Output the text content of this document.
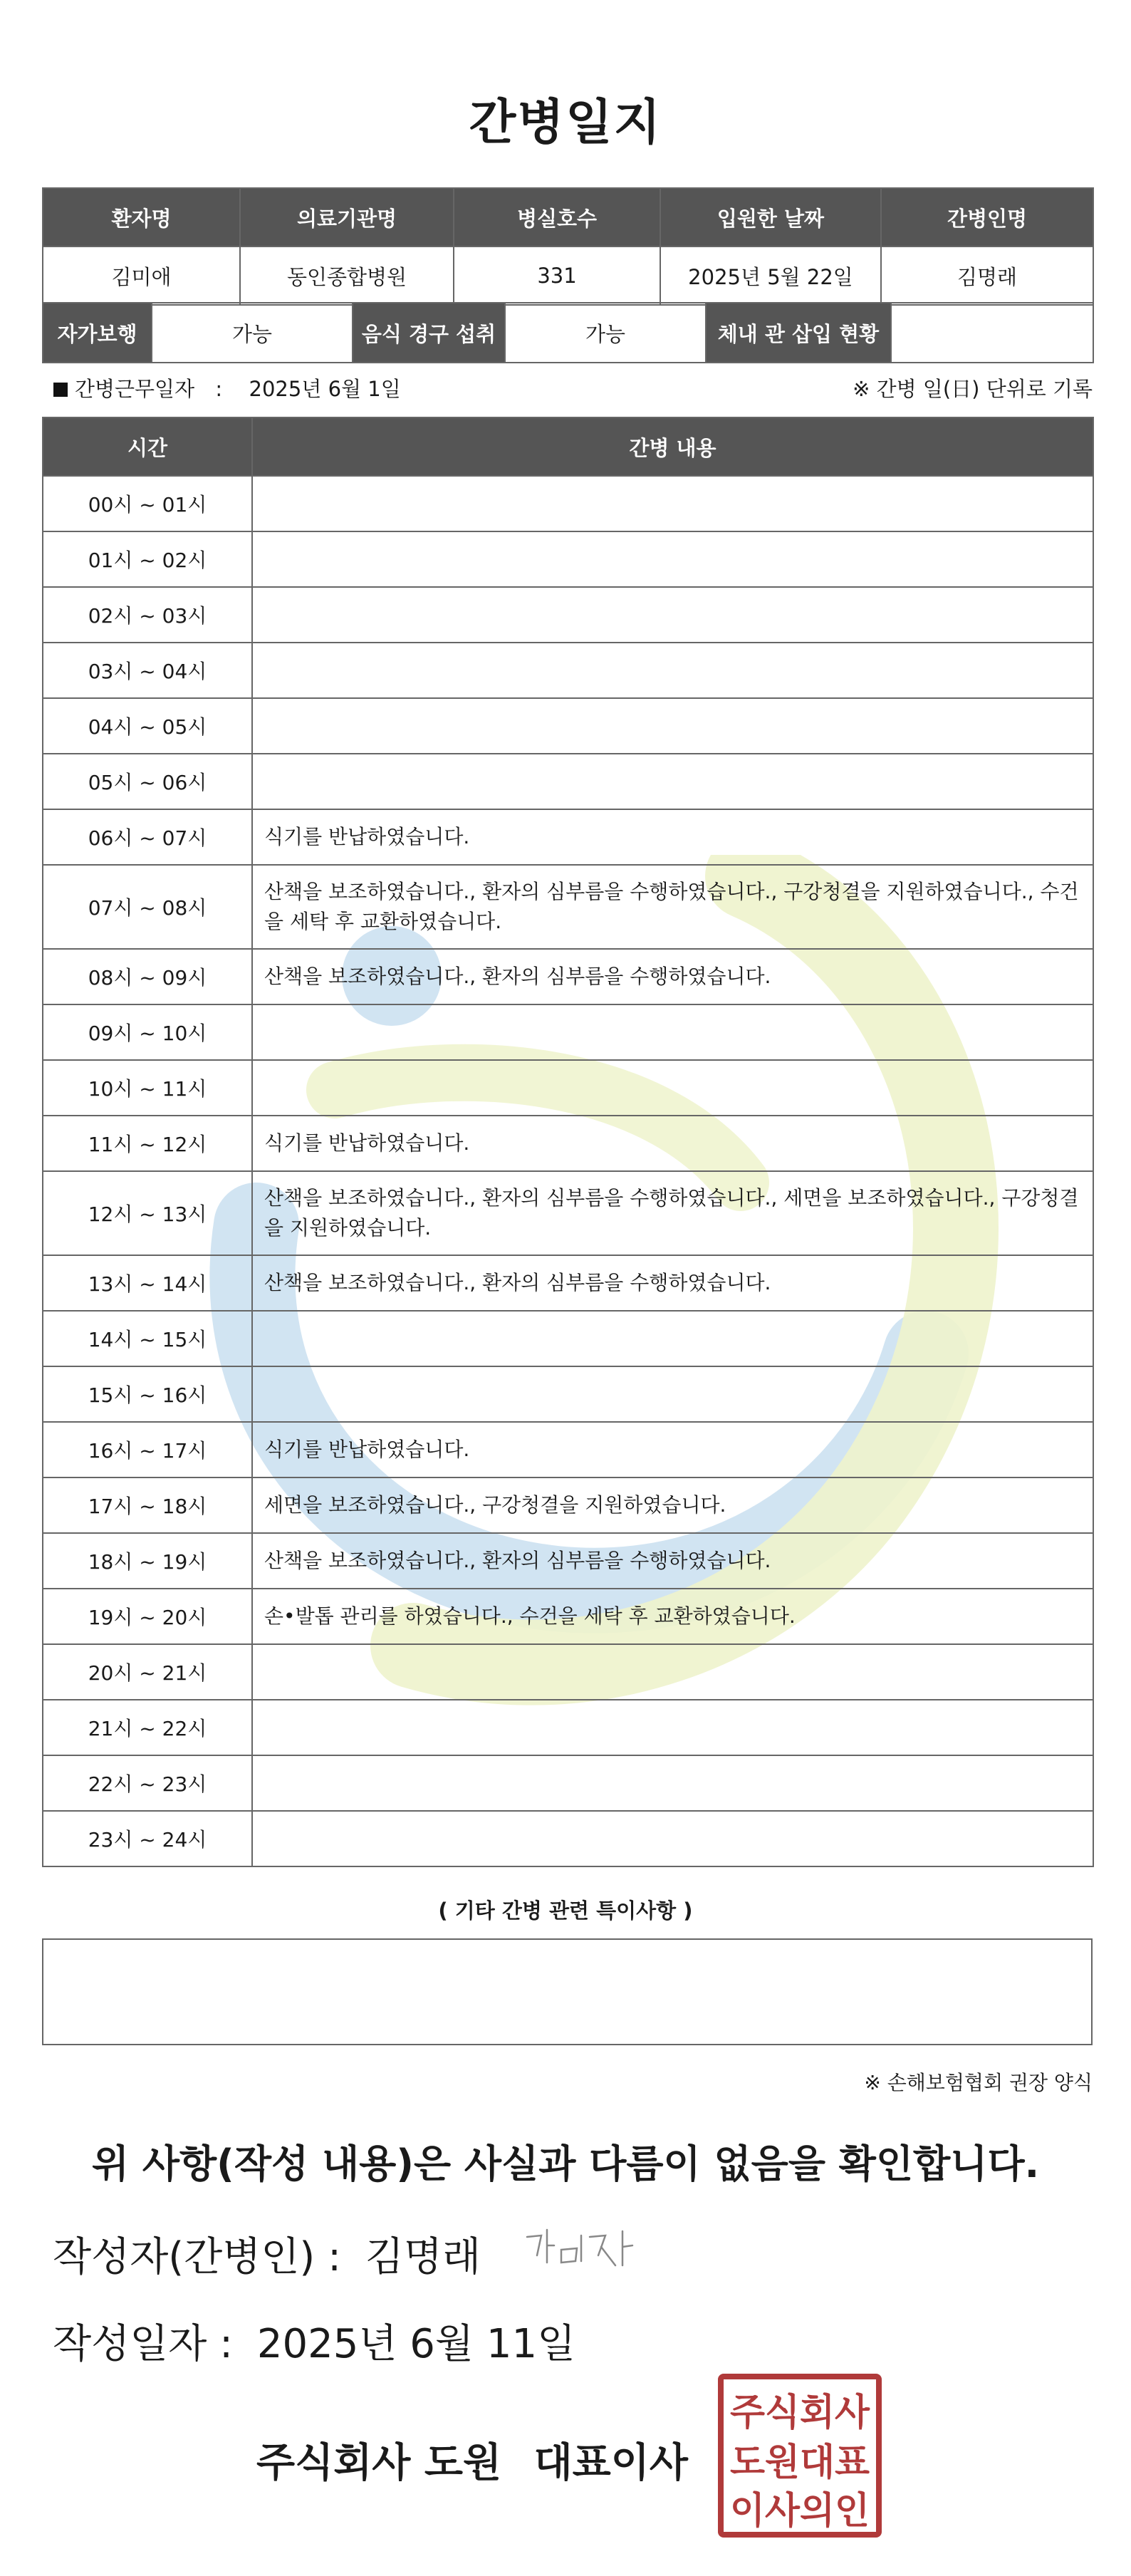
간병일지
환자명	의료기관명	병실호수	입원한 날짜	간병인명
김미애	동인종합병원	331	2025년 5월 22일	김명래
자가보행	가능	음식 경구 섭취	가능	체내 관 삽입 현황	
간병근무일자 : 2025년 6월 1일	※ 간병 일(日) 단위로 기록
시간	간병 내용
00시 ~ 01시	
01시 ~ 02시	
02시 ~ 03시	
03시 ~ 04시	
04시 ~ 05시	
05시 ~ 06시	
06시 ~ 07시	식기를 반납하였습니다.
07시 ~ 08시	산책을 보조하였습니다., 환자의 심부름을 수행하였습니다., 구강청결을 지원하였습니다., 수건을 세탁 후 교환하였습니다.
08시 ~ 09시	산책을 보조하였습니다., 환자의 심부름을 수행하였습니다.
09시 ~ 10시	
10시 ~ 11시	
11시 ~ 12시	식기를 반납하였습니다.
12시 ~ 13시	산책을 보조하였습니다., 환자의 심부름을 수행하였습니다., 세면을 보조하였습니다., 구강청결을 지원하였습니다.
13시 ~ 14시	산책을 보조하였습니다., 환자의 심부름을 수행하였습니다.
14시 ~ 15시	
15시 ~ 16시	
16시 ~ 17시	식기를 반납하였습니다.
17시 ~ 18시	세면을 보조하였습니다., 구강청결을 지원하였습니다.
18시 ~ 19시	산책을 보조하였습니다., 환자의 심부름을 수행하였습니다.
19시 ~ 20시	손•발톱 관리를 하였습니다., 수건을 세탁 후 교환하였습니다.
20시 ~ 21시	
21시 ~ 22시	
22시 ~ 23시	
23시 ~ 24시	
( 기타 간병 관련 특이사항 )
※ 손해보험협회 권장 양식
위 사항(작성 내용)은 사실과 다름이 없음을 확인합니다.
작성자(간병인) : 김명래
작성일자 : 2025년 6월 11일
주식회사 도원 대표이사
주식회사
도원대표
이사의인
